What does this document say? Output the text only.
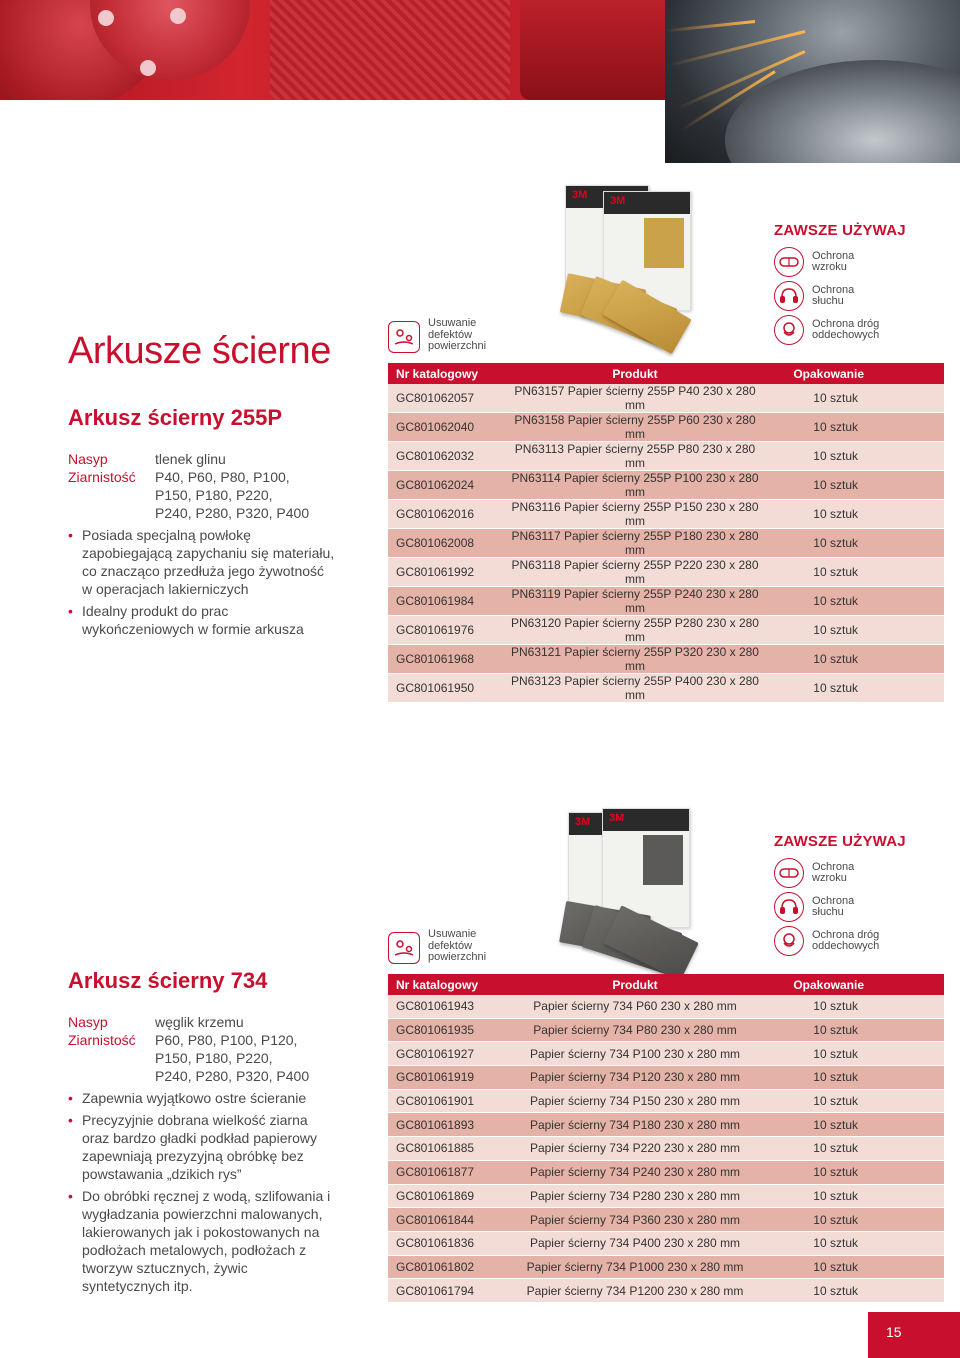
Arkusze ścierne
Arkusz ścierny 255P
Nasyp	tlenek glinu
Ziarnistość	P40, P60, P80, P100,
P150, P180, P220,
P240, P280, P320, P400
• Posiada specjalną powłokę zapobiegającą zapychaniu się materiału, co znacząco przedłuża jego żywotność w operacjach lakierniczych
• Idealny produkt do prac wykończeniowych w formie arkusza
3M 3M
Usuwanie defektów powierzchni
ZAWSZE UŻYWAJ
Ochrona wzroku
Ochrona słuchu
Ochrona dróg oddechowych
Nr katalogowy	Produkt	Opakowanie
GC801062057	PN63157 Papier ścierny 255P P40 230 x 280 mm	10 sztuk
GC801062040	PN63158 Papier ścierny 255P P60 230 x 280 mm	10 sztuk
GC801062032	PN63113 Papier ścierny 255P P80 230 x 280 mm	10 sztuk
GC801062024	PN63114 Papier ścierny 255P P100 230 x 280 mm	10 sztuk
GC801062016	PN63116 Papier ścierny 255P P150 230 x 280 mm	10 sztuk
GC801062008	PN63117 Papier ścierny 255P P180 230 x 280 mm	10 sztuk
GC801061992	PN63118 Papier ścierny 255P P220 230 x 280 mm	10 sztuk
GC801061984	PN63119 Papier ścierny 255P P240 230 x 280 mm	10 sztuk
GC801061976	PN63120 Papier ścierny 255P P280 230 x 280 mm	10 sztuk
GC801061968	PN63121 Papier ścierny 255P P320 230 x 280 mm	10 sztuk
GC801061950	PN63123 Papier ścierny 255P P400 230 x 280 mm	10 sztuk
Arkusz ścierny 734
Nasyp	węglik krzemu
Ziarnistość	P60, P80, P100, P120,
P150, P180, P220,
P240, P280, P320, P400
• Zapewnia wyjątkowo ostre ścieranie
• Precyzyjnie dobrana wielkość ziarna oraz bardzo gładki podkład papierowy zapewniają prezyzyjną obróbkę bez powstawania „dzikich rys”
• Do obróbki ręcznej z wodą, szlifowania i wygładzania powierzchni malowanych, lakierowanych jak i pokostowanych na podłożach metalowych, podłożach z tworzyw sztucznych, żywic syntetycznych itp.
3M 3M
Usuwanie defektów powierzchni
ZAWSZE UŻYWAJ
Ochrona wzroku
Ochrona słuchu
Ochrona dróg oddechowych
Nr katalogowy	Produkt	Opakowanie
GC801061943	Papier ścierny 734 P60 230 x 280 mm	10 sztuk
GC801061935	Papier ścierny 734 P80 230 x 280 mm	10 sztuk
GC801061927	Papier ścierny 734 P100 230 x 280 mm	10 sztuk
GC801061919	Papier ścierny 734 P120 230 x 280 mm	10 sztuk
GC801061901	Papier ścierny 734 P150 230 x 280 mm	10 sztuk
GC801061893	Papier ścierny 734 P180 230 x 280 mm	10 sztuk
GC801061885	Papier ścierny 734 P220 230 x 280 mm	10 sztuk
GC801061877	Papier ścierny 734 P240 230 x 280 mm	10 sztuk
GC801061869	Papier ścierny 734 P280 230 x 280 mm	10 sztuk
GC801061844	Papier ścierny 734 P360 230 x 280 mm	10 sztuk
GC801061836	Papier ścierny 734 P400 230 x 280 mm	10 sztuk
GC801061802	Papier ścierny 734 P1000 230 x 280 mm	10 sztuk
GC801061794	Papier ścierny 734 P1200 230 x 280 mm	10 sztuk
15
